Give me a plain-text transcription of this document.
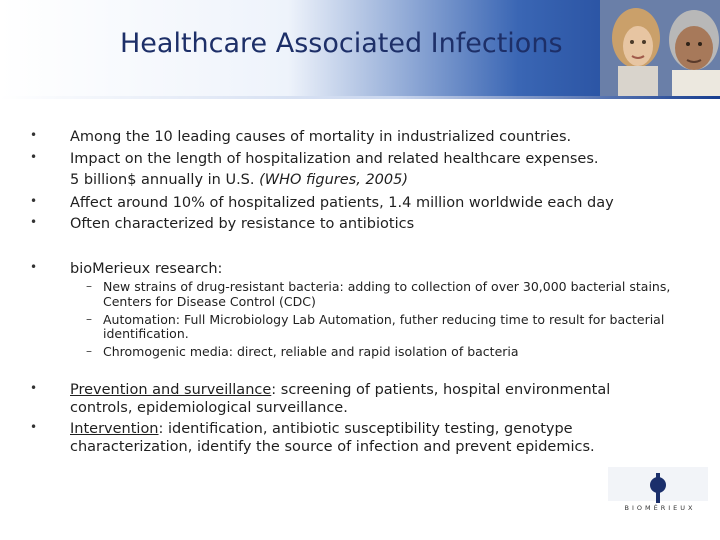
Healthcare Associated Infections
• Among the 10 leading causes of mortality in industrialized countries.
• Impact on the length of hospitalization and related healthcare expenses.
5 billion$ annually in U.S. (WHO figures, 2005)
• Affect around 10% of hospitalized patients, 1.4 million worldwide each day
• Often characterized by resistance to antibiotics
• bioMerieux research:
– New strains of drug-resistant bacteria: adding to collection of over 30,000 bacterial stains,
Centers for Disease Control (CDC)
– Automation: Full Microbiology Lab Automation, futher reducing time to result for bacterial
identification.
– Chromogenic media: direct, reliable and rapid isolation of bacteria
• Prevention and surveillance: screening of patients, hospital environmental
controls, epidemiological surveillance.
• Intervention: identification, antibiotic susceptibility testing, genotype
characterization, identify the source of infection and prevent epidemics.
BIOMÉRIEUX
